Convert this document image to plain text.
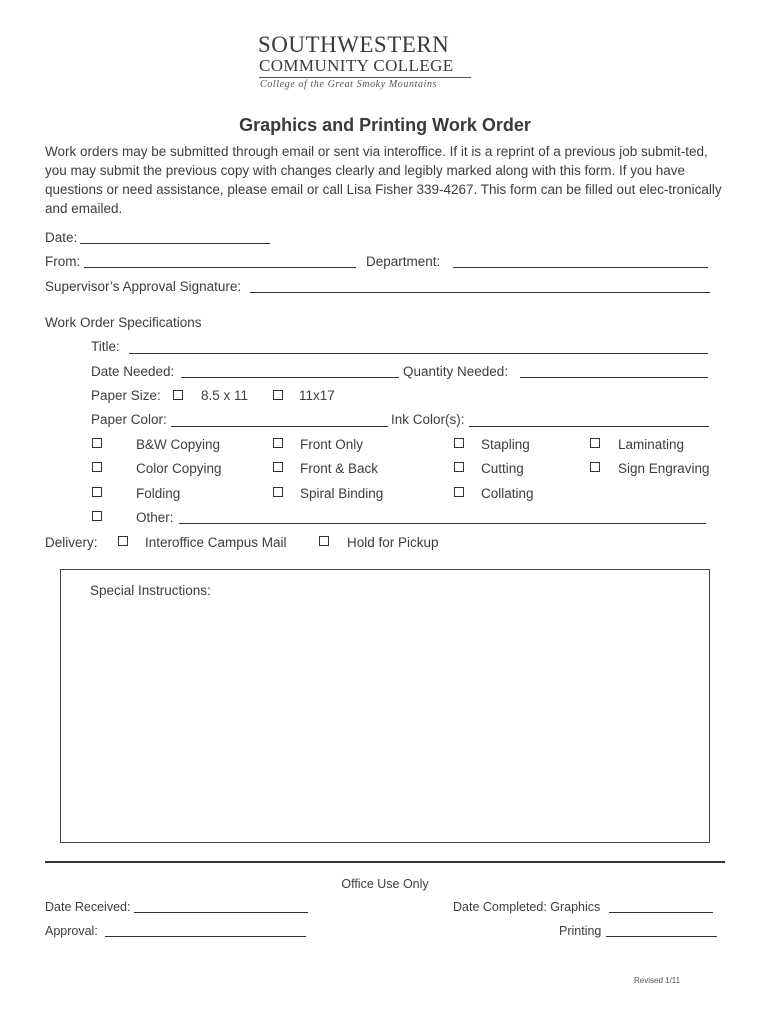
SOUTHWESTERN
COMMUNITY COLLEGE
College of the Great Smoky Mountains
Graphics and Printing Work Order
Work orders may be submitted through email or sent via interoffice. If it is a reprint of a previous job submit-ted, you may submit the previous copy with changes clearly and legibly marked along with this form. If you have questions or need assistance, please email or call Lisa Fisher 339-4267. This form can be filled out elec-tronically and emailed.
Date:
From:	Department:
Supervisor’s Approval Signature:
Work Order Specifications
Title:
Date Needed:	Quantity Needed:
Paper Size:	8.5 x 11	11x17
Paper Color:	Ink Color(s):
B&W Copying	Front Only	Stapling	Laminating
Color Copying	Front & Back	Cutting	Sign Engraving
Folding	Spiral Binding	Collating
Other:
Delivery:	Interoffice Campus Mail	Hold for Pickup
Special Instructions:
Office Use Only
Date Received:	Date Completed: Graphics
Approval:	Printing
Revised 1/11
